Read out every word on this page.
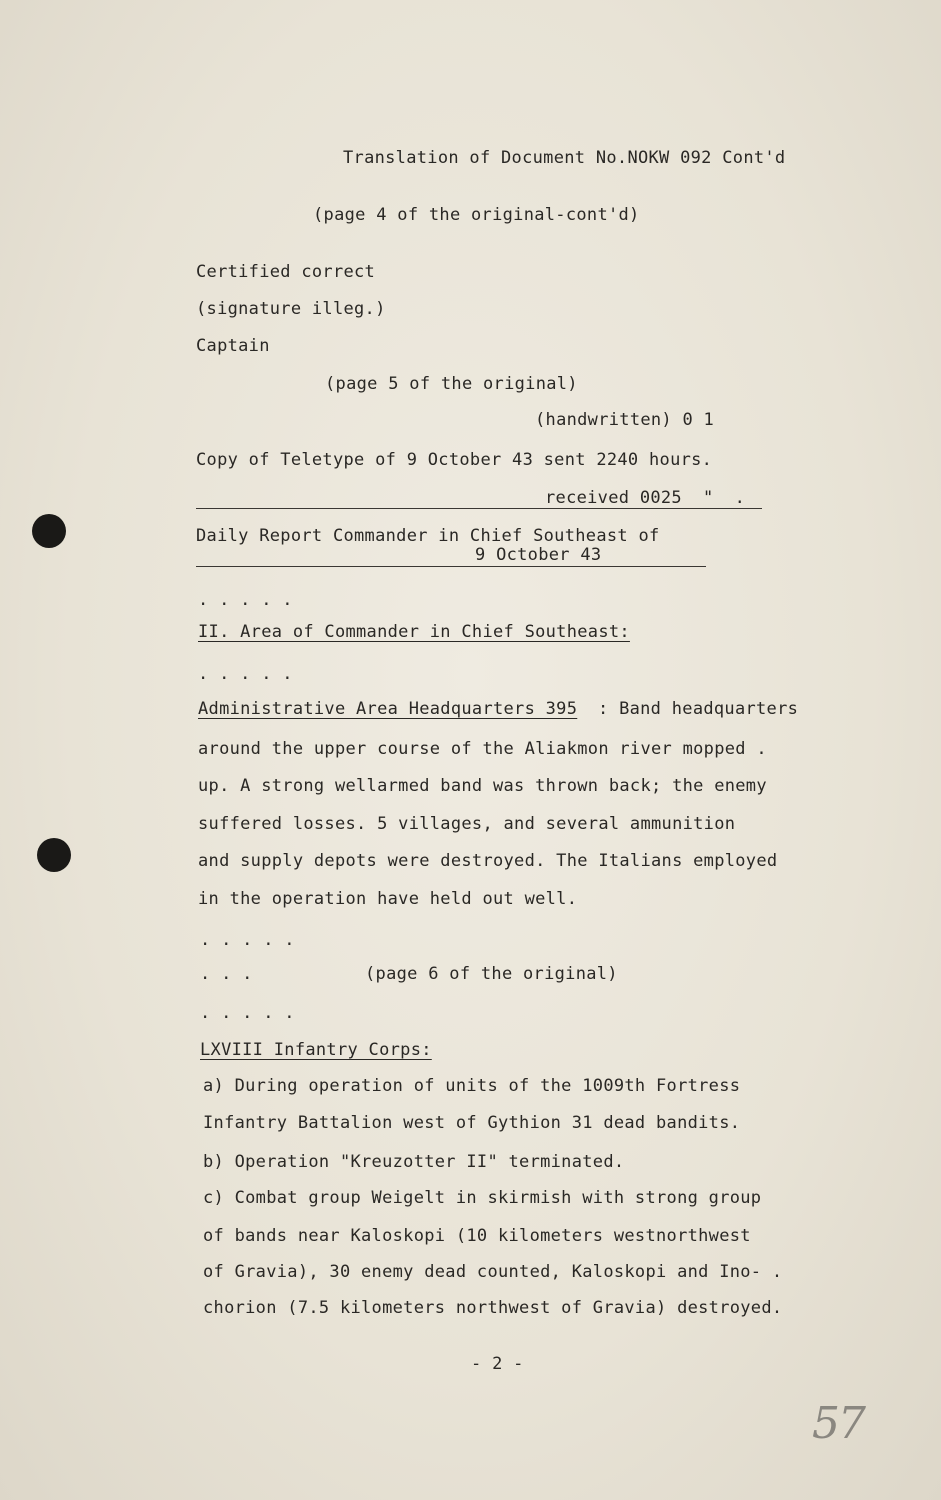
Translation of Document No.NOKW 092 Cont'd
(page 4 of the original-cont'd)
Certified correct
(signature illeg.)
Captain
(page 5 of the original)
(handwritten) 0 1
Copy of Teletype of 9 October 43 sent 2240 hours.
received 0025  "  .
Daily Report Commander in Chief Southeast of
9 October 43
. . . . .
II. Area of Commander in Chief Southeast:
. . . . .
Administrative Area Headquarters 395 : Band headquarters
around the upper course of the Aliakmon river mopped .
up. A strong wellarmed band was thrown back; the enemy
suffered losses. 5 villages, and several ammunition
and supply depots were destroyed. The Italians employed
in the operation have held out well.
. . . . .
. . .	(page 6 of the original)
. . . . .
LXVIII Infantry Corps:
a) During operation of units of the 1009th Fortress
Infantry Battalion west of Gythion 31 dead bandits.
b) Operation "Kreuzotter II" terminated.
c) Combat group Weigelt in skirmish with strong group
of bands near Kaloskopi (10 kilometers westnorthwest
of Gravia), 30 enemy dead counted, Kaloskopi and Ino- .
chorion (7.5 kilometers northwest of Gravia) destroyed.
- 2 -
57
